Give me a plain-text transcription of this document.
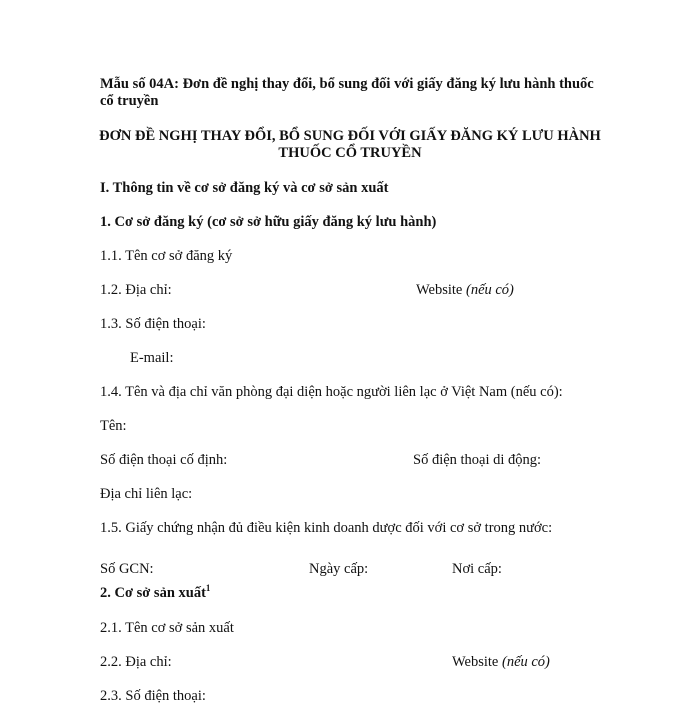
Mẫu số 04A: Đơn đề nghị thay đổi, bổ sung đối với giấy đăng ký lưu hành thuốc
cổ truyền
ĐƠN ĐỀ NGHỊ THAY ĐỔI, BỔ SUNG ĐỐI VỚI GIẤY ĐĂNG KÝ LƯU HÀNH
THUỐC CỔ TRUYỀN
I. Thông tin về cơ sở đăng ký và cơ sở sản xuất
1. Cơ sở đăng ký (cơ sở sở hữu giấy đăng ký lưu hành)
1.1. Tên cơ sở đăng ký
1.2. Địa chỉ:	Website (nếu có)
1.3. Số điện thoại:
E-mail:
1.4. Tên và địa chỉ văn phòng đại diện hoặc người liên lạc ở Việt Nam (nếu có):
Tên:
Số điện thoại cố định:	Số điện thoại di động:
Địa chỉ liên lạc:
1.5. Giấy chứng nhận đủ điều kiện kinh doanh dược đối với cơ sở trong nước:
Số GCN:	Ngày cấp:	Nơi cấp:
2. Cơ sở sản xuất$^1$
2.1. Tên cơ sở sản xuất
2.2. Địa chỉ:	Website (nếu có)
2.3. Số điện thoại:
